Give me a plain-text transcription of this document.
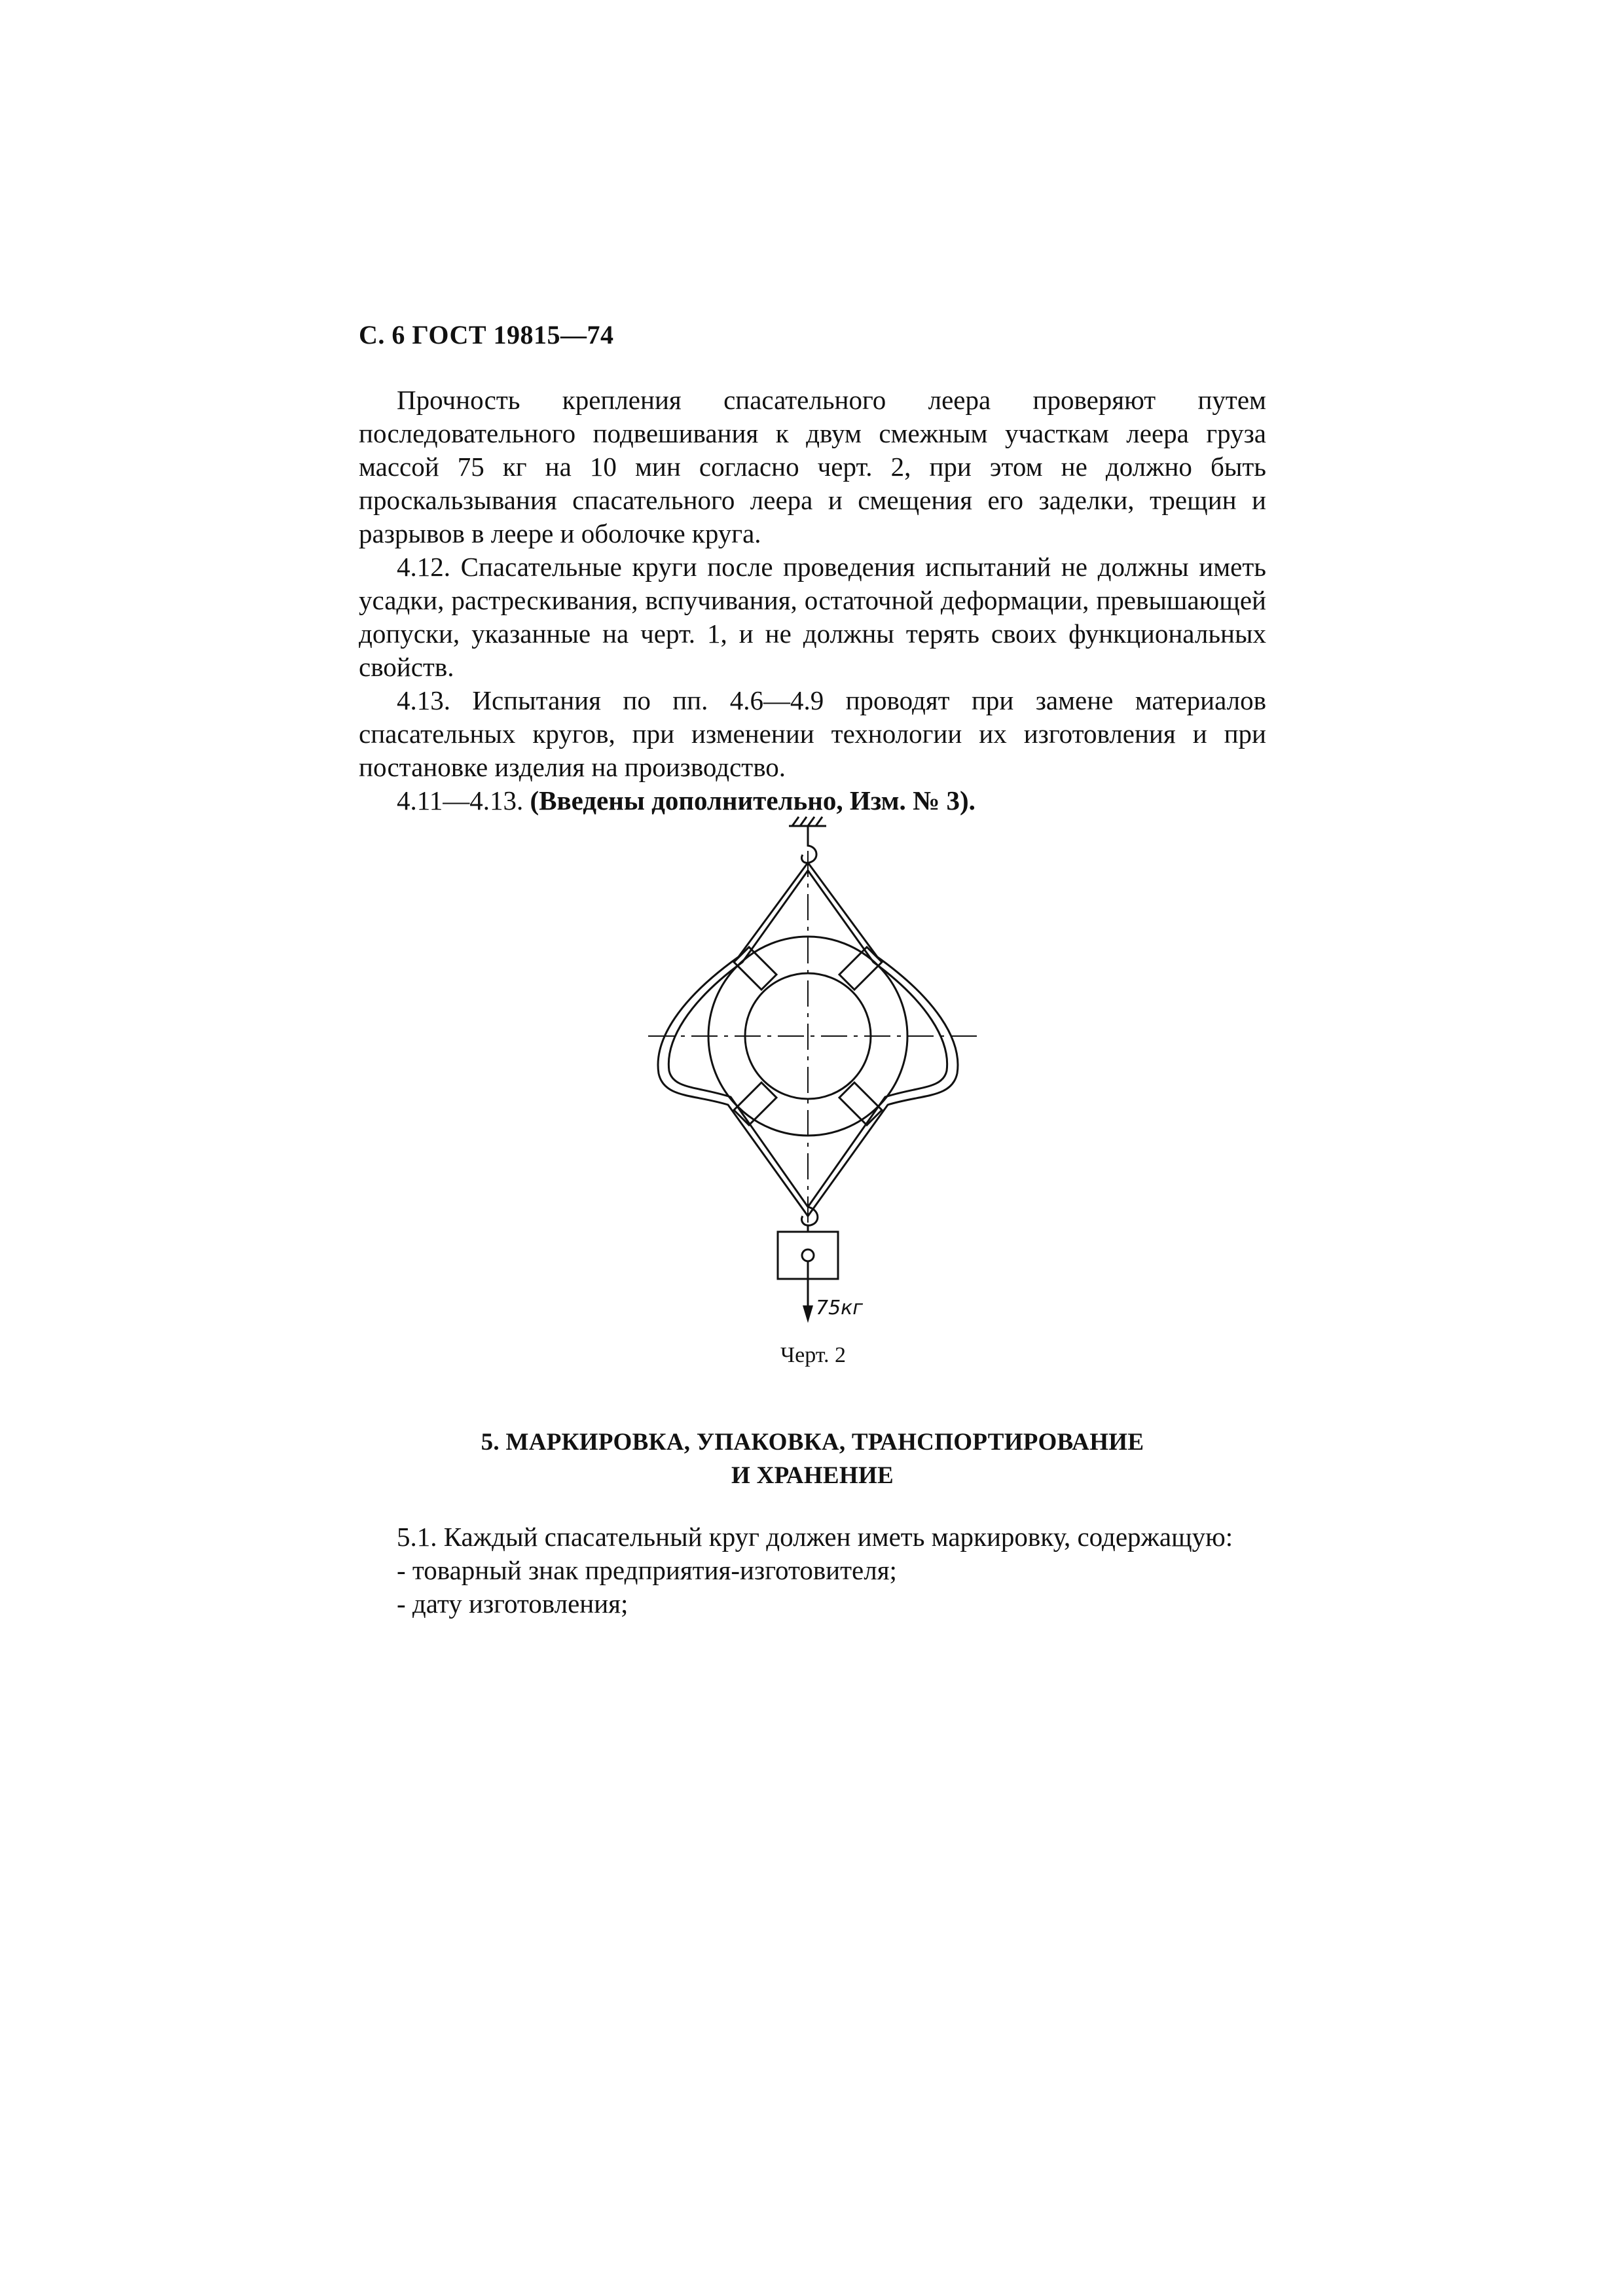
С. 6 ГОСТ 19815—74

Прочность крепления спасательного леера проверяют путем последовательного подвешивания к двум смежным участкам леера груза массой 75 кг на 10 мин согласно черт. 2, при этом не должно быть проскальзывания спасательного леера и смещения его заделки, трещин и разрывов в леере и оболочке круга.

4.12. Спасательные круги после проведения испытаний не должны иметь усадки, растрескивания, вспучивания, остаточной деформации, превышающей допуски, указанные на черт. 1, и не должны терять своих функциональных свойств.

4.13. Испытания по пп. 4.6—4.9 проводят при замене материалов спасательных кругов, при изменении технологии их изготовления и при постановке изделия на производство.

4.11—4.13. (Введены дополнительно, Изм. № 3).

75кг
Черт. 2
5. МАРКИРОВКА, УПАКОВКА, ТРАНСПОРТИРОВАНИЕ
И ХРАНЕНИЕ

5.1. Каждый спасательный круг должен иметь маркировку, содержащую:

- товарный знак предприятия-изготовителя;

- дату изготовления;
